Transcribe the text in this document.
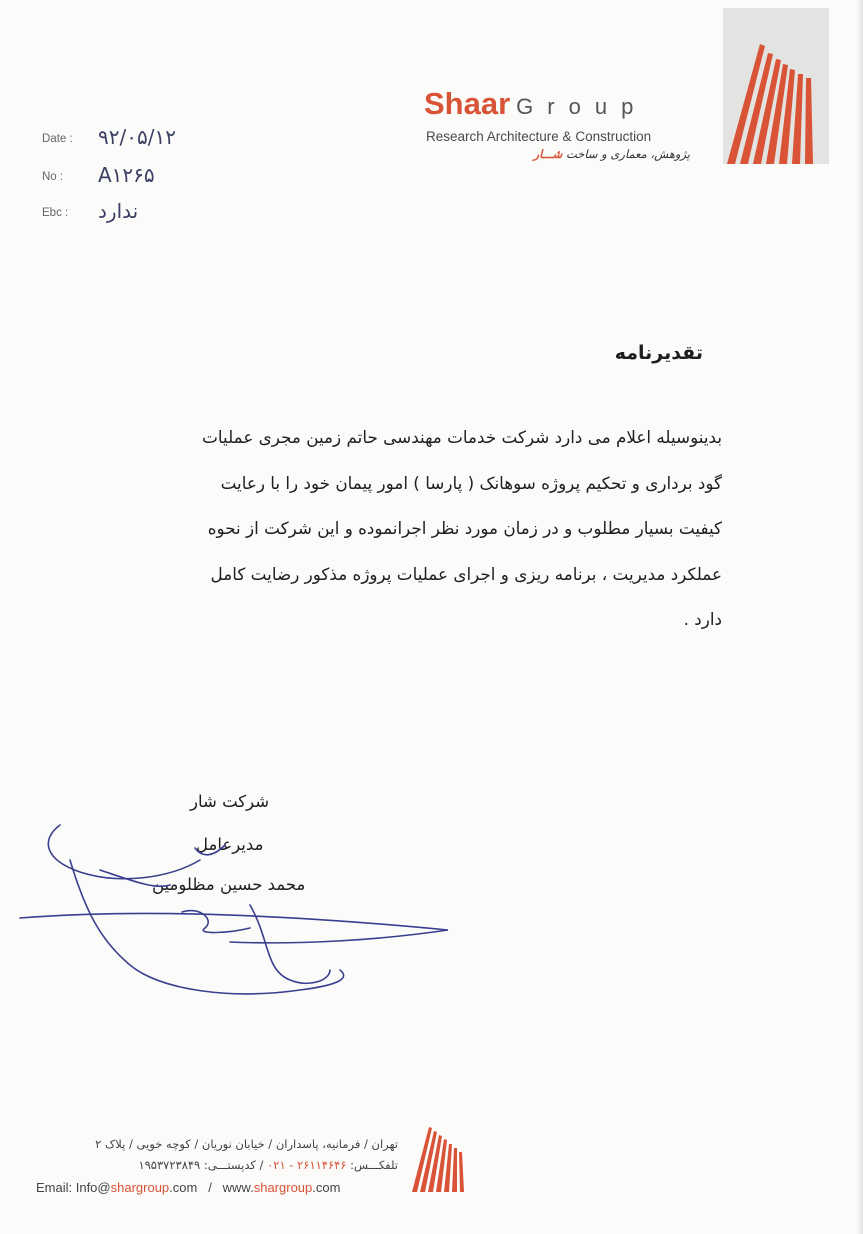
Shaar Group
Research Architecture & Construction
پژوهش، معماری و ساخت شـــار
Date : ۹۲/۰۵/۱۲
No : A۱۲۶۵
Ebc : ندارد
تقدیرنامه
بدینوسیله اعلام می دارد شرکت خدمات مهندسی حاتم زمین مجری عملیات
گود برداری و تحکیم پروژه سوهانک ( پارسا ) امور پیمان خود را با رعایت
کیفیت بسیار مطلوب و در زمان مورد نظر اجرانموده و این شرکت از نحوه
عملکرد مدیریت ، برنامه ریزی و اجرای عملیات پروژه مذکور رضایت کامل
دارد .
شرکت شار
مدیرعامل
محمد حسین مظلومین
تهران / فرمانیه، پاسداران / خیابان نوریان / کوچه خویی / پلاک ۲
تلفکـــس: ۲۶۱۱۴۶۴۶ - ۰۲۱ / کدپستـــی: ۱۹۵۳۷۲۳۸۴۹
Email: Info@shargroup.com / www.shargroup.com
